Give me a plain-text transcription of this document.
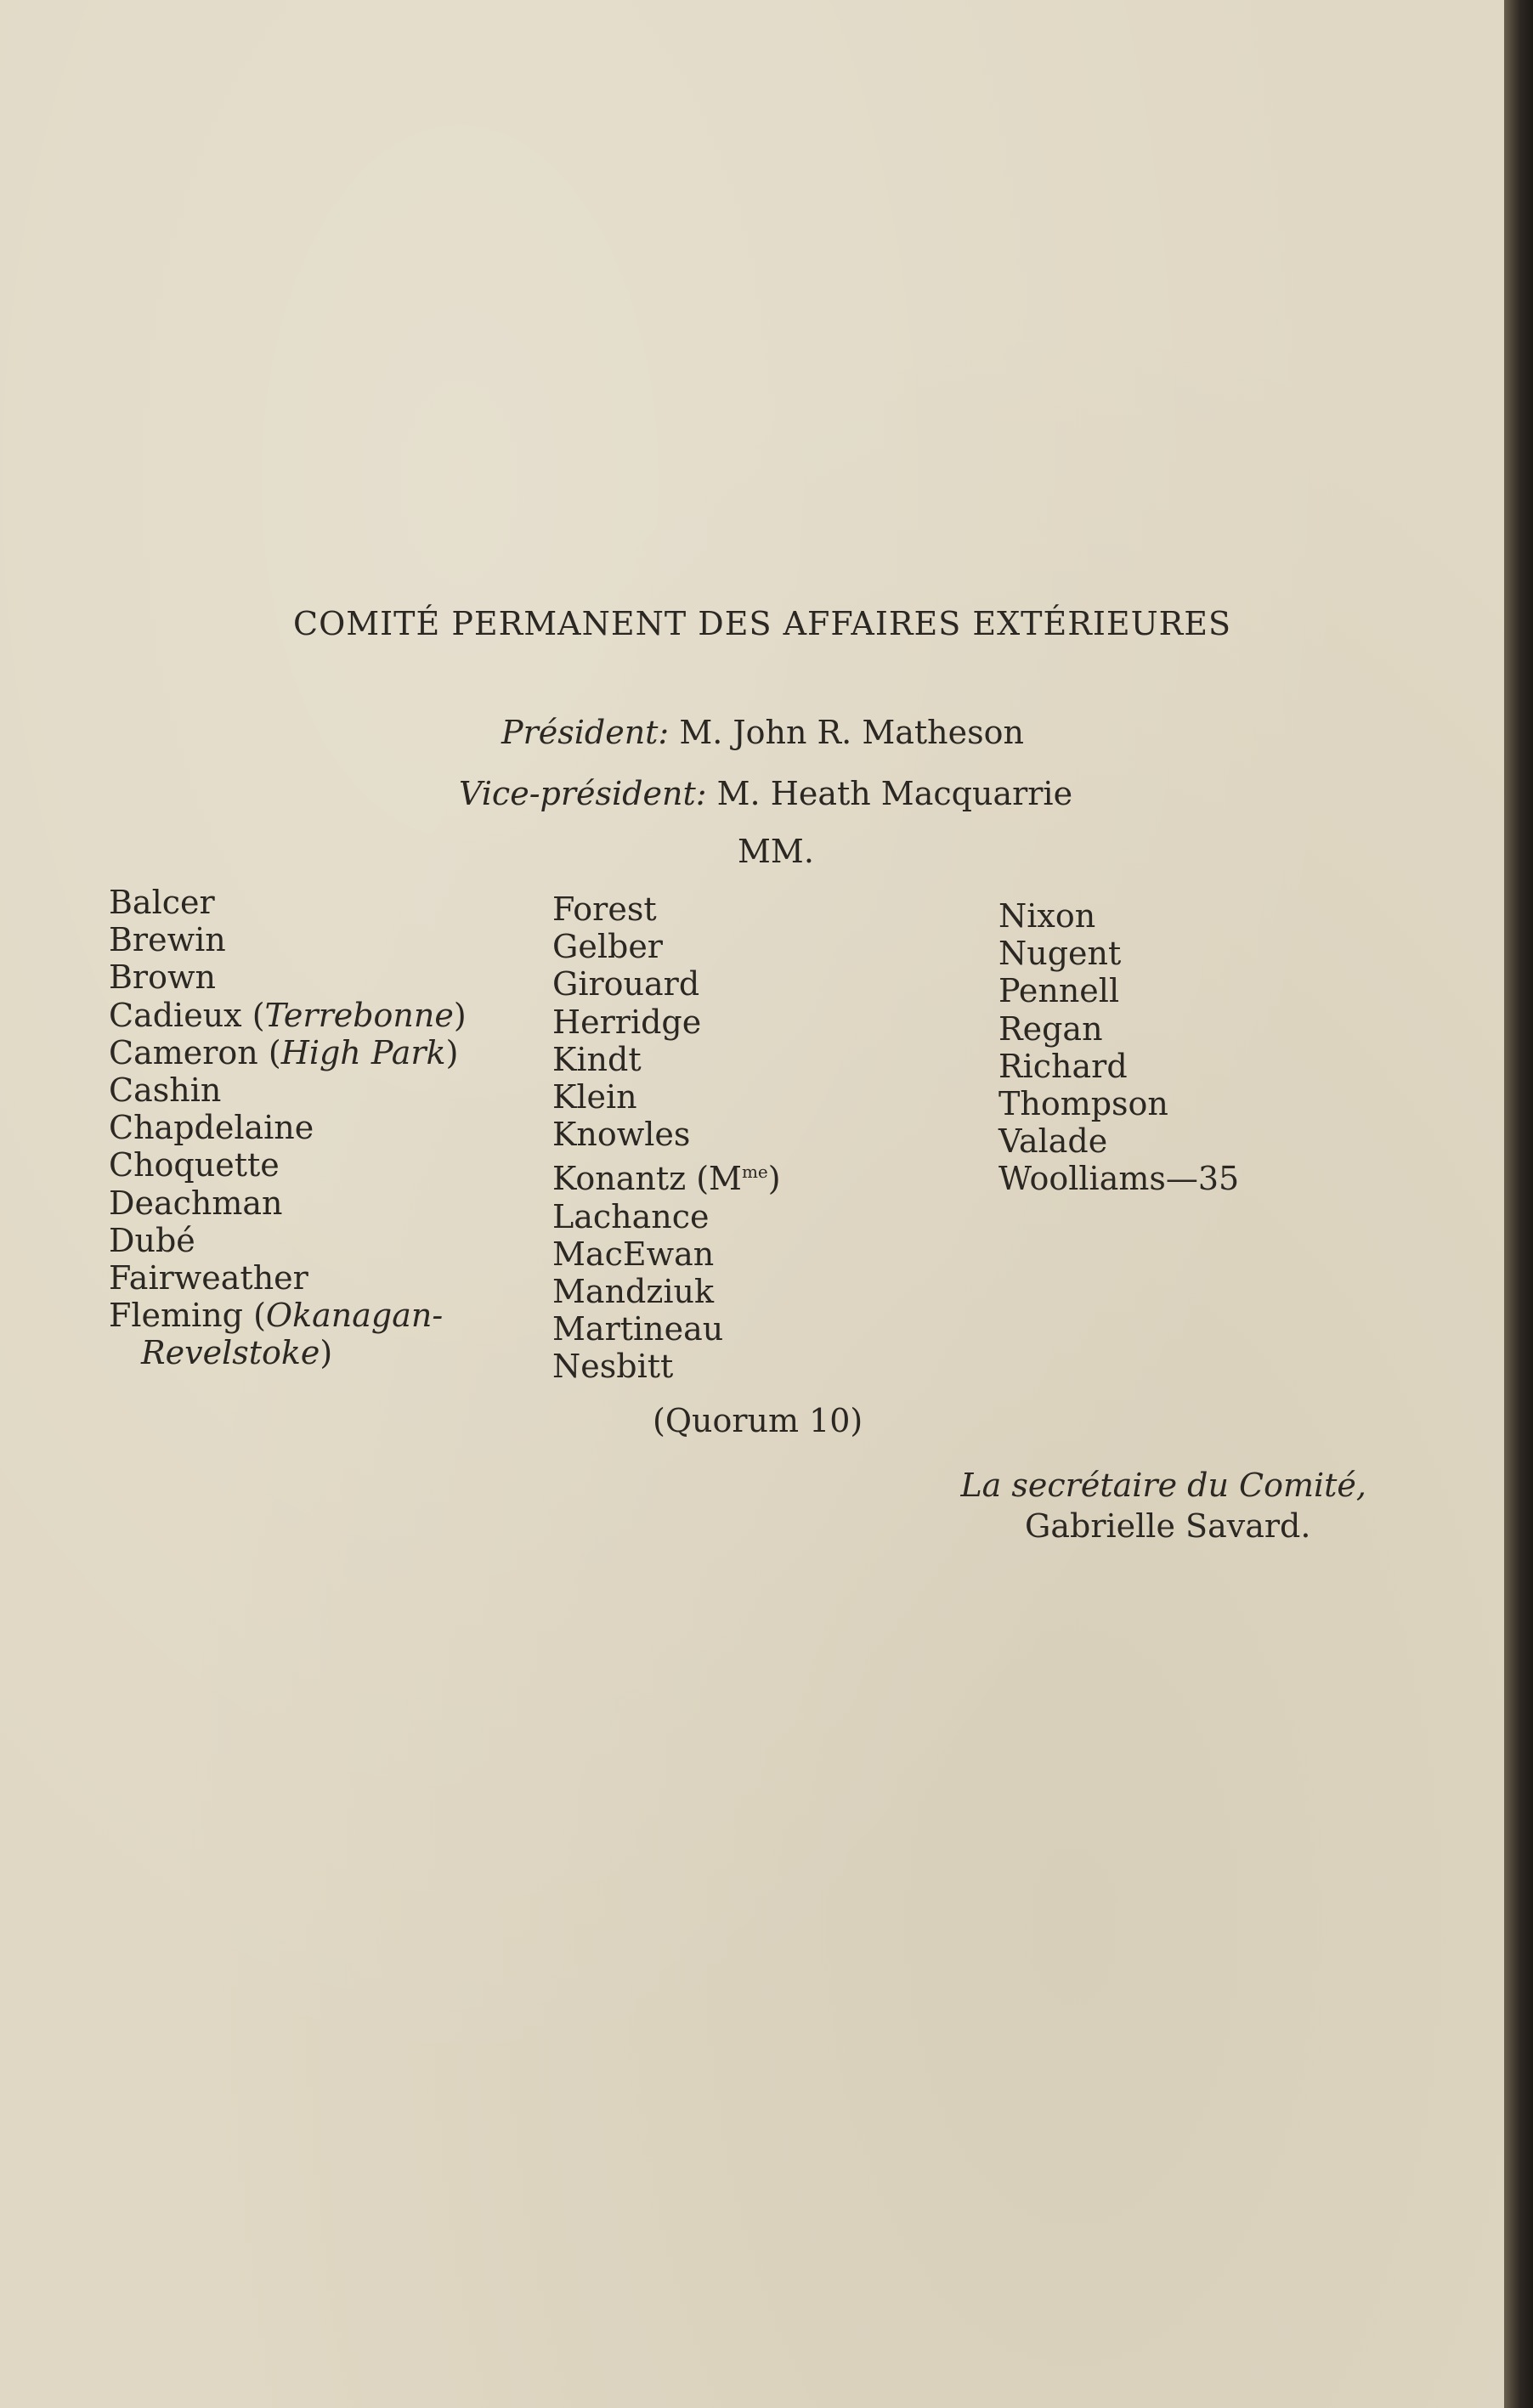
COMITÉ PERMANENT DES AFFAIRES EXTÉRIEURES
Président: M. John R. Matheson
Vice-président: M. Heath Macquarrie
MM.
Balcer
Brewin
Brown
Cadieux (Terrebonne)
Cameron (High Park)
Cashin
Chapdelaine
Choquette
Deachman
Dubé
Fairweather
Fleming (Okanagan-
Revelstoke)
Forest
Gelber
Girouard
Herridge
Kindt
Klein
Knowles
Konantz $(M^{me})$
Lachance
MacEwan
Mandziuk
Martineau
Nesbitt
Nixon
Nugent
Pennell
Regan
Richard
Thompson
Valade
Woolliams—35
(Quorum 10)
La secrétaire du Comité,
Gabrielle Savard.
